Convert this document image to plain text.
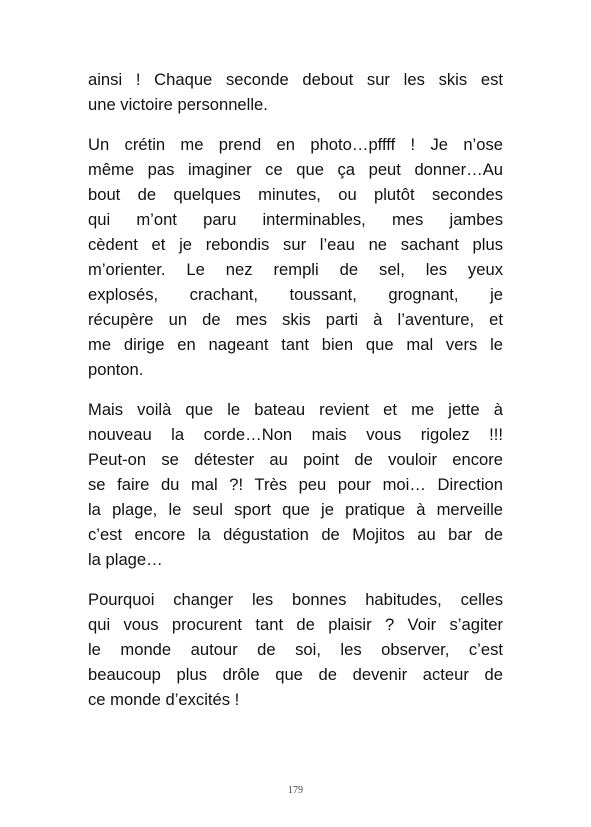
ainsi ! Chaque seconde debout sur les skis est
une victoire personnelle.

Un crétin me prend en photo…pffff ! Je n’ose
même pas imaginer ce que ça peut donner…Au
bout de quelques minutes, ou plutôt secondes
qui m’ont paru interminables, mes jambes
cèdent et je rebondis sur l’eau ne sachant plus
m’orienter. Le nez rempli de sel, les yeux
explosés, crachant, toussant, grognant, je
récupère un de mes skis parti à l’aventure, et
me dirige en nageant tant bien que mal vers le
ponton.

Mais voilà que le bateau revient et me jette à
nouveau la corde…Non mais vous rigolez !!!
Peut-on se détester au point de vouloir encore
se faire du mal ?! Très peu pour moi… Direction
la plage, le seul sport que je pratique à merveille
c’est encore la dégustation de Mojitos au bar de
la plage…

Pourquoi changer les bonnes habitudes, celles
qui vous procurent tant de plaisir ? Voir s’agiter
le monde autour de soi, les observer, c’est
beaucoup plus drôle que de devenir acteur de
ce monde d’excités !

179
